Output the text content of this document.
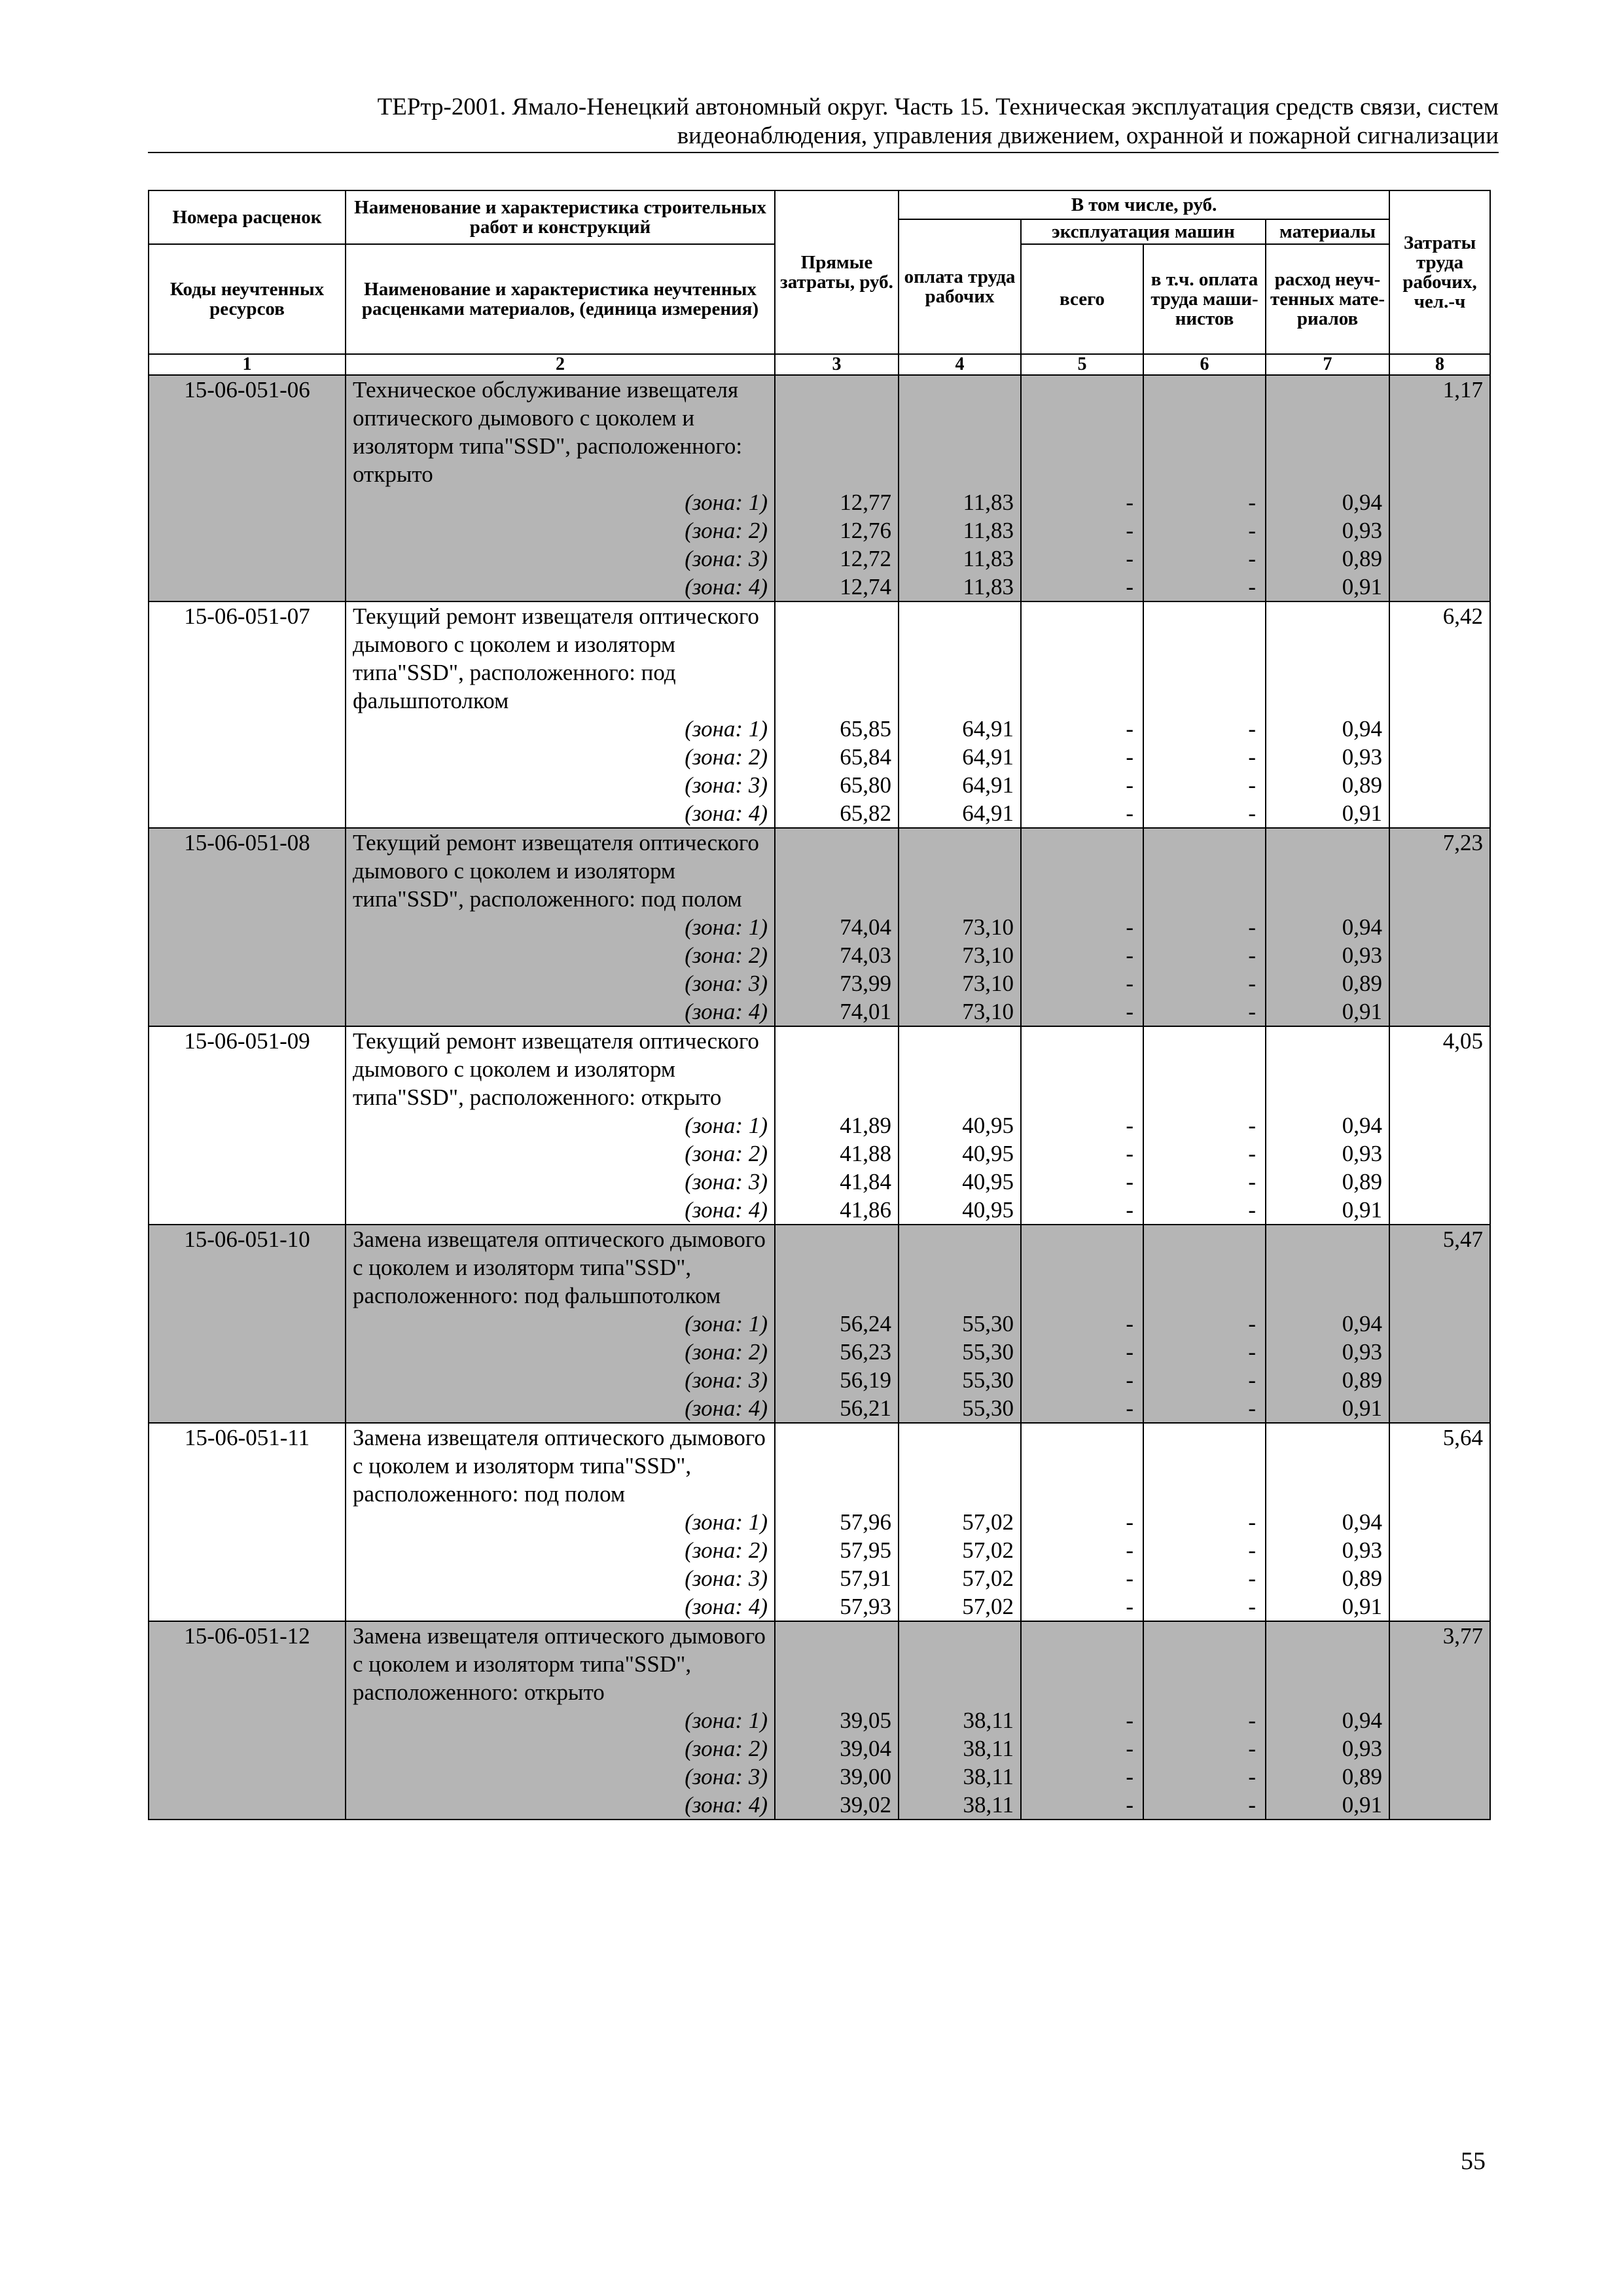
ТЕРтр-2001. Ямало-Ненецкий автономный округ. Часть 15. Техническая эксплуатация средств связи, систем
видеонаблюдения, управления движением, охранной и пожарной сигнализации
Номера расценок	Наименование и характеристика строительных работ и конструкций	Прямые затраты, руб.	В том числе, руб.				Затраты труда рабочих, чел.-ч
			оплата труда рабочих	эксплуатация машин		материалы	
Коды неучтенных ресурсов	Наименование и характеристика неучтенных расценками материалов, (единица измерения)			всего	в т.ч. оплата труда маши-нистов	расход неуч-тенных мате-риалов	

1	2	3	4	5	6	7	8
15-06-051-06	Техническое обслуживание извещателя оптического дымового с цоколем и изоляторм типа"SSD", расположенного: открыто						1,17
	(зона: 1)	12,77	11,83	-	-	0,94	
	(зона: 2)	12,76	11,83	-	-	0,93	
	(зона: 3)	12,72	11,83	-	-	0,89	
	(зона: 4)	12,74	11,83	-	-	0,91	
15-06-051-07	Текущий ремонт извещателя оптического дымового с цоколем и изоляторм типа"SSD", расположенного: под фальшпотолком						6,42
	(зона: 1)	65,85	64,91	-	-	0,94	
	(зона: 2)	65,84	64,91	-	-	0,93	
	(зона: 3)	65,80	64,91	-	-	0,89	
	(зона: 4)	65,82	64,91	-	-	0,91	
15-06-051-08	Текущий ремонт извещателя оптического дымового с цоколем и изоляторм типа"SSD", расположенного: под полом						7,23
	(зона: 1)	74,04	73,10	-	-	0,94	
	(зона: 2)	74,03	73,10	-	-	0,93	
	(зона: 3)	73,99	73,10	-	-	0,89	
	(зона: 4)	74,01	73,10	-	-	0,91	
15-06-051-09	Текущий ремонт извещателя оптического дымового с цоколем и изоляторм типа"SSD", расположенного: открыто						4,05
	(зона: 1)	41,89	40,95	-	-	0,94	
	(зона: 2)	41,88	40,95	-	-	0,93	
	(зона: 3)	41,84	40,95	-	-	0,89	
	(зона: 4)	41,86	40,95	-	-	0,91	
15-06-051-10	Замена извещателя оптического дымового с цоколем и изоляторм типа"SSD", расположенного: под фальшпотолком						5,47
	(зона: 1)	56,24	55,30	-	-	0,94	
	(зона: 2)	56,23	55,30	-	-	0,93	
	(зона: 3)	56,19	55,30	-	-	0,89	
	(зона: 4)	56,21	55,30	-	-	0,91	
15-06-051-11	Замена извещателя оптического дымового с цоколем и изоляторм типа"SSD", расположенного: под полом						5,64
	(зона: 1)	57,96	57,02	-	-	0,94	
	(зона: 2)	57,95	57,02	-	-	0,93	
	(зона: 3)	57,91	57,02	-	-	0,89	
	(зона: 4)	57,93	57,02	-	-	0,91	
15-06-051-12	Замена извещателя оптического дымового с цоколем и изоляторм типа"SSD", расположенного: открыто						3,77
	(зона: 1)	39,05	38,11	-	-	0,94	
	(зона: 2)	39,04	38,11	-	-	0,93	
	(зона: 3)	39,00	38,11	-	-	0,89	
	(зона: 4)	39,02	38,11	-	-	0,91	
55
